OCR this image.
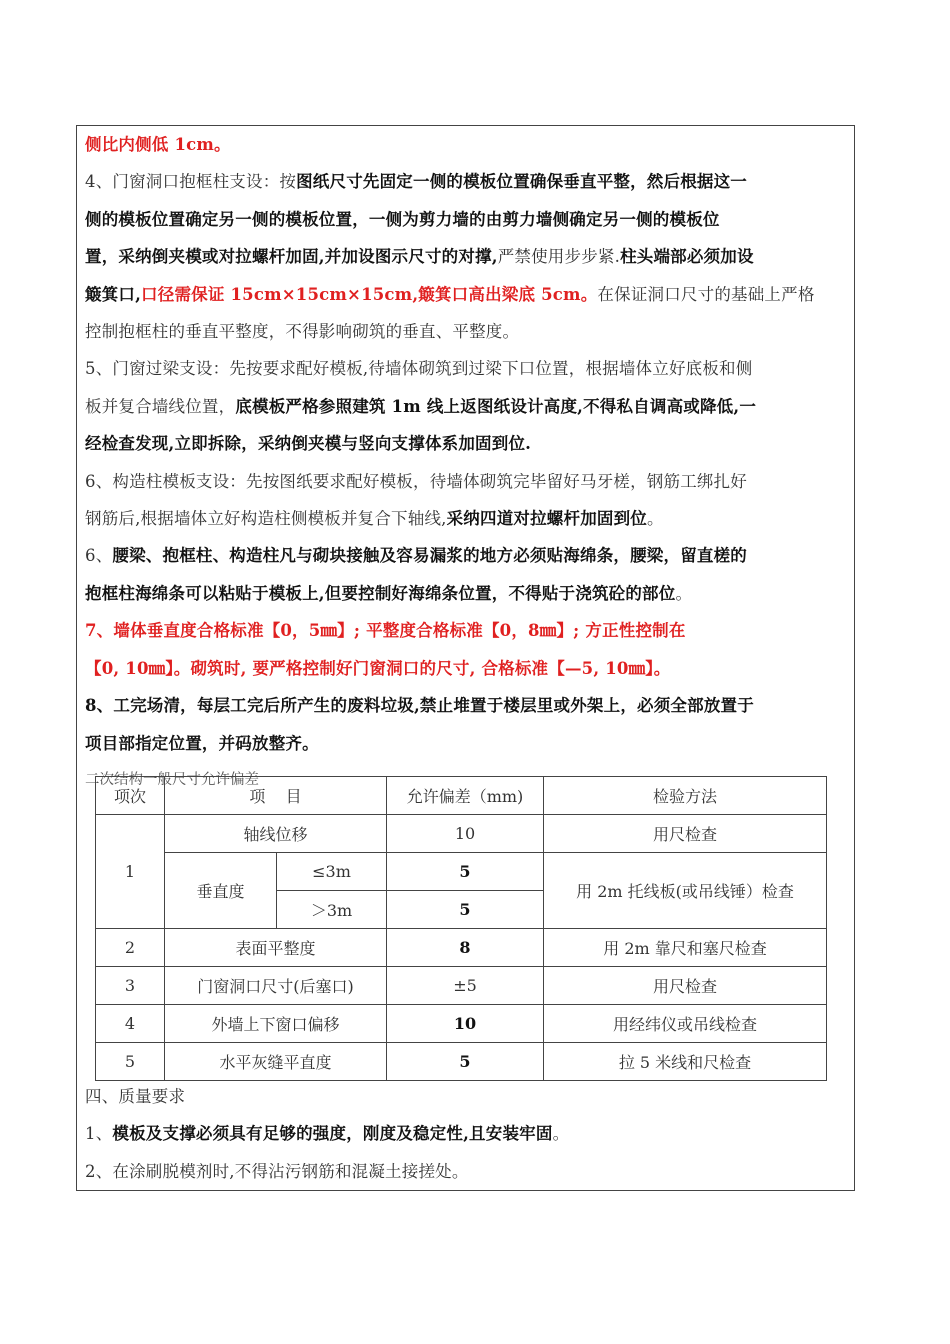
侧比内侧低 1cm。

4、门窗洞口抱框柱支设：按图纸尺寸先固定一侧的模板位置确保垂直平整，然后根据这一

侧的模板位置确定另一侧的模板位置，一侧为剪力墙的由剪力墙侧确定另一侧的模板位

置，采纳倒夹模或对拉螺杆加固,并加设图示尺寸的对撑,严禁使用步步紧.柱头端部必须加设

簸箕口,口径需保证 15cm×15cm×15cm,簸箕口高出梁底 5cm。在保证洞口尺寸的基础上严格

控制抱框柱的垂直平整度，不得影响砌筑的垂直、平整度。

5、门窗过梁支设：先按要求配好模板,待墙体砌筑到过梁下口位置，根据墙体立好底板和侧

板并复合墙线位置，底模板严格参照建筑 1m 线上返图纸设计高度,不得私自调高或降低,一

经检查发现,立即拆除，采纳倒夹模与竖向支撑体系加固到位.

6、构造柱模板支设：先按图纸要求配好模板，待墙体砌筑完毕留好马牙槎，钢筋工绑扎好

钢筋后,根据墙体立好构造柱侧模板并复合下轴线,采纳四道对拉螺杆加固到位。

6、腰梁、抱框柱、构造柱凡与砌块接触及容易漏浆的地方必须贴海绵条，腰梁，留直槎的

抱框柱海绵条可以粘贴于模板上,但要控制好海绵条位置，不得贴于浇筑砼的部位。

7、墙体垂直度合格标准【0，5㎜】; 平整度合格标准【0，8㎜】; 方正性控制在

【0, 10㎜】。砌筑时, 要严格控制好门窗洞口的尺寸, 合格标准【—5, 10㎜】。

8、工完场清，每层工完后所产生的废料垃圾,禁止堆置于楼层里或外架上，必须全部放置于

项目部指定位置，并码放整齐。

二次结构一般尺寸允许偏差

项次	项    目		允许偏差（mm)	检验方法
1	轴线位移		10	用尺检查
	垂直度	≤3m	5	用 2m 托线板(或吊线锤）检查
		＞3m	5	
2	表面平整度		8	用 2m 靠尺和塞尺检查
3	门窗洞口尺寸(后塞口)		±5	用尺检查
4	外墙上下窗口偏移		10	用经纬仪或吊线检查
5	水平灰缝平直度		5	拉 5 米线和尺检查

四、质量要求

1、模板及支撑必须具有足够的强度，刚度及稳定性,且安装牢固。

2、在涂刷脱模剂时,不得沾污钢筋和混凝土接搓处。
